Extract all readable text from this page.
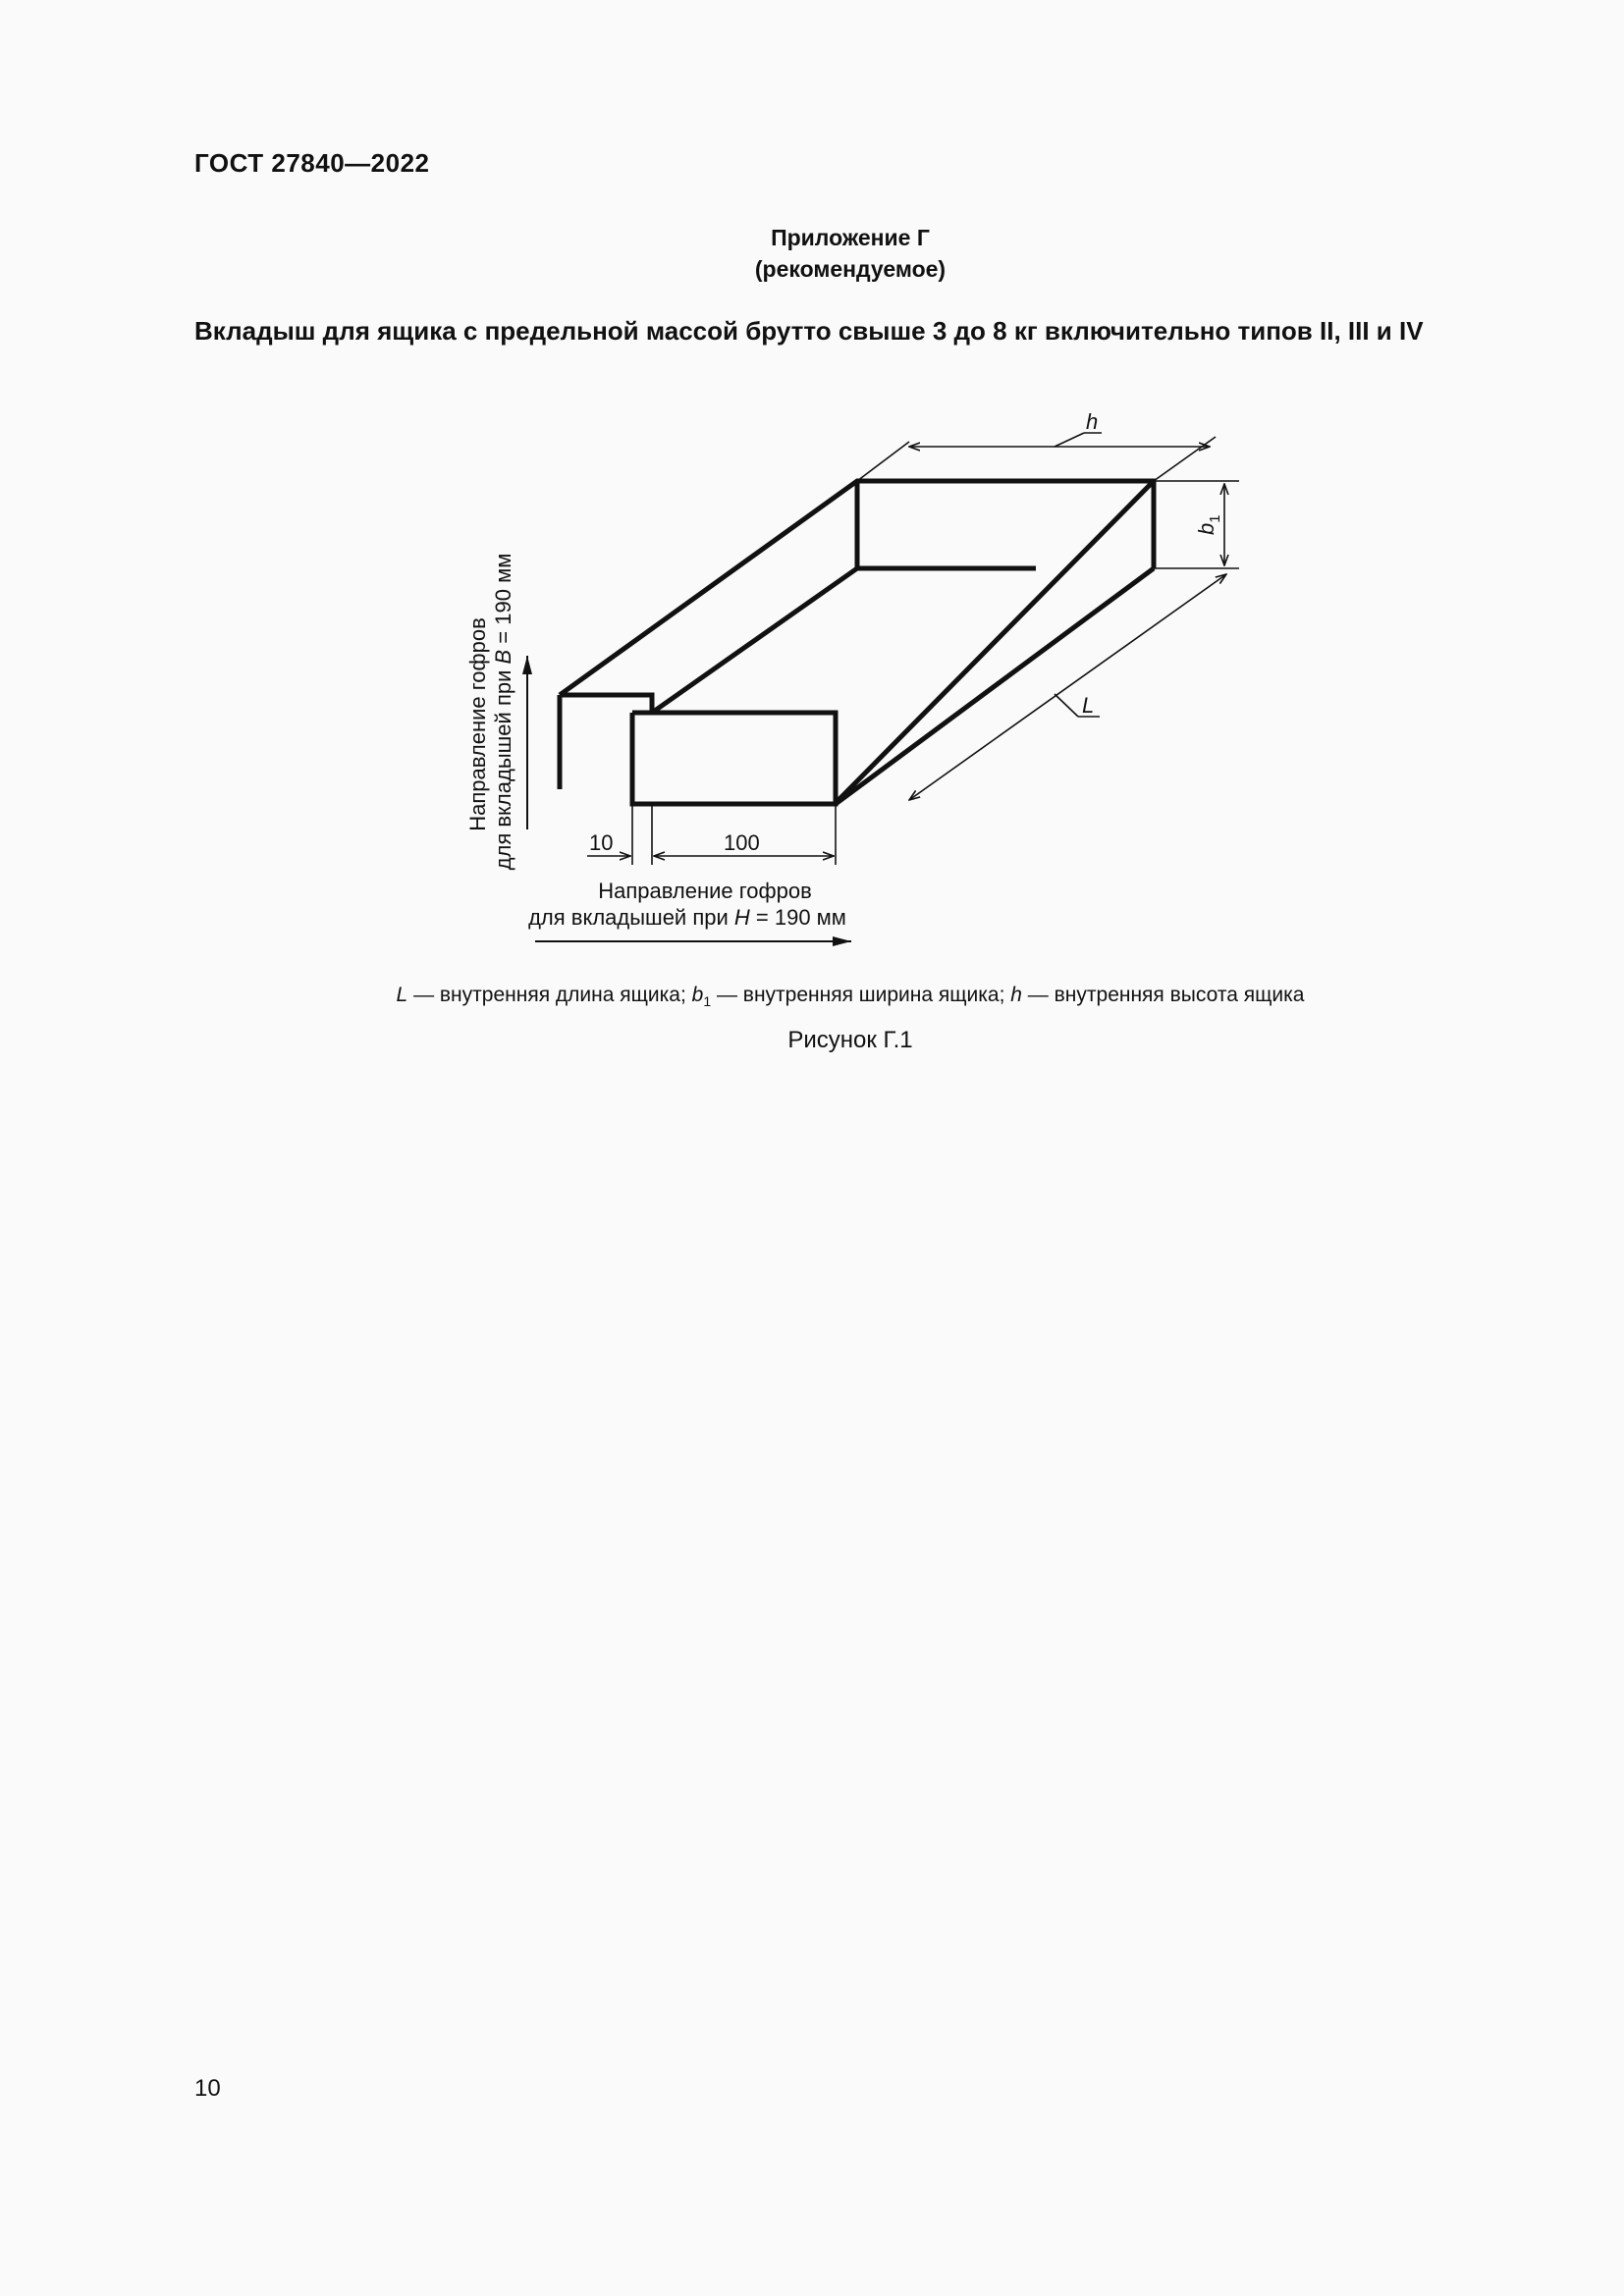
ГОСТ 27840—2022
Приложение Г
(рекомендуемое)
Вкладыш для ящика с предельной массой брутто свыше 3 до 8 кг включительно типов II, III и IV
h
$b_1$
L
10	100
Направление гофров
для вкладышей при H = 190 мм
Направление гофров для вкладышей при B = 190 мм
L — внутренняя длина ящика; $b_1$ — внутренняя ширина ящика; h — внутренняя высота ящика
Рисунок Г.1
10
